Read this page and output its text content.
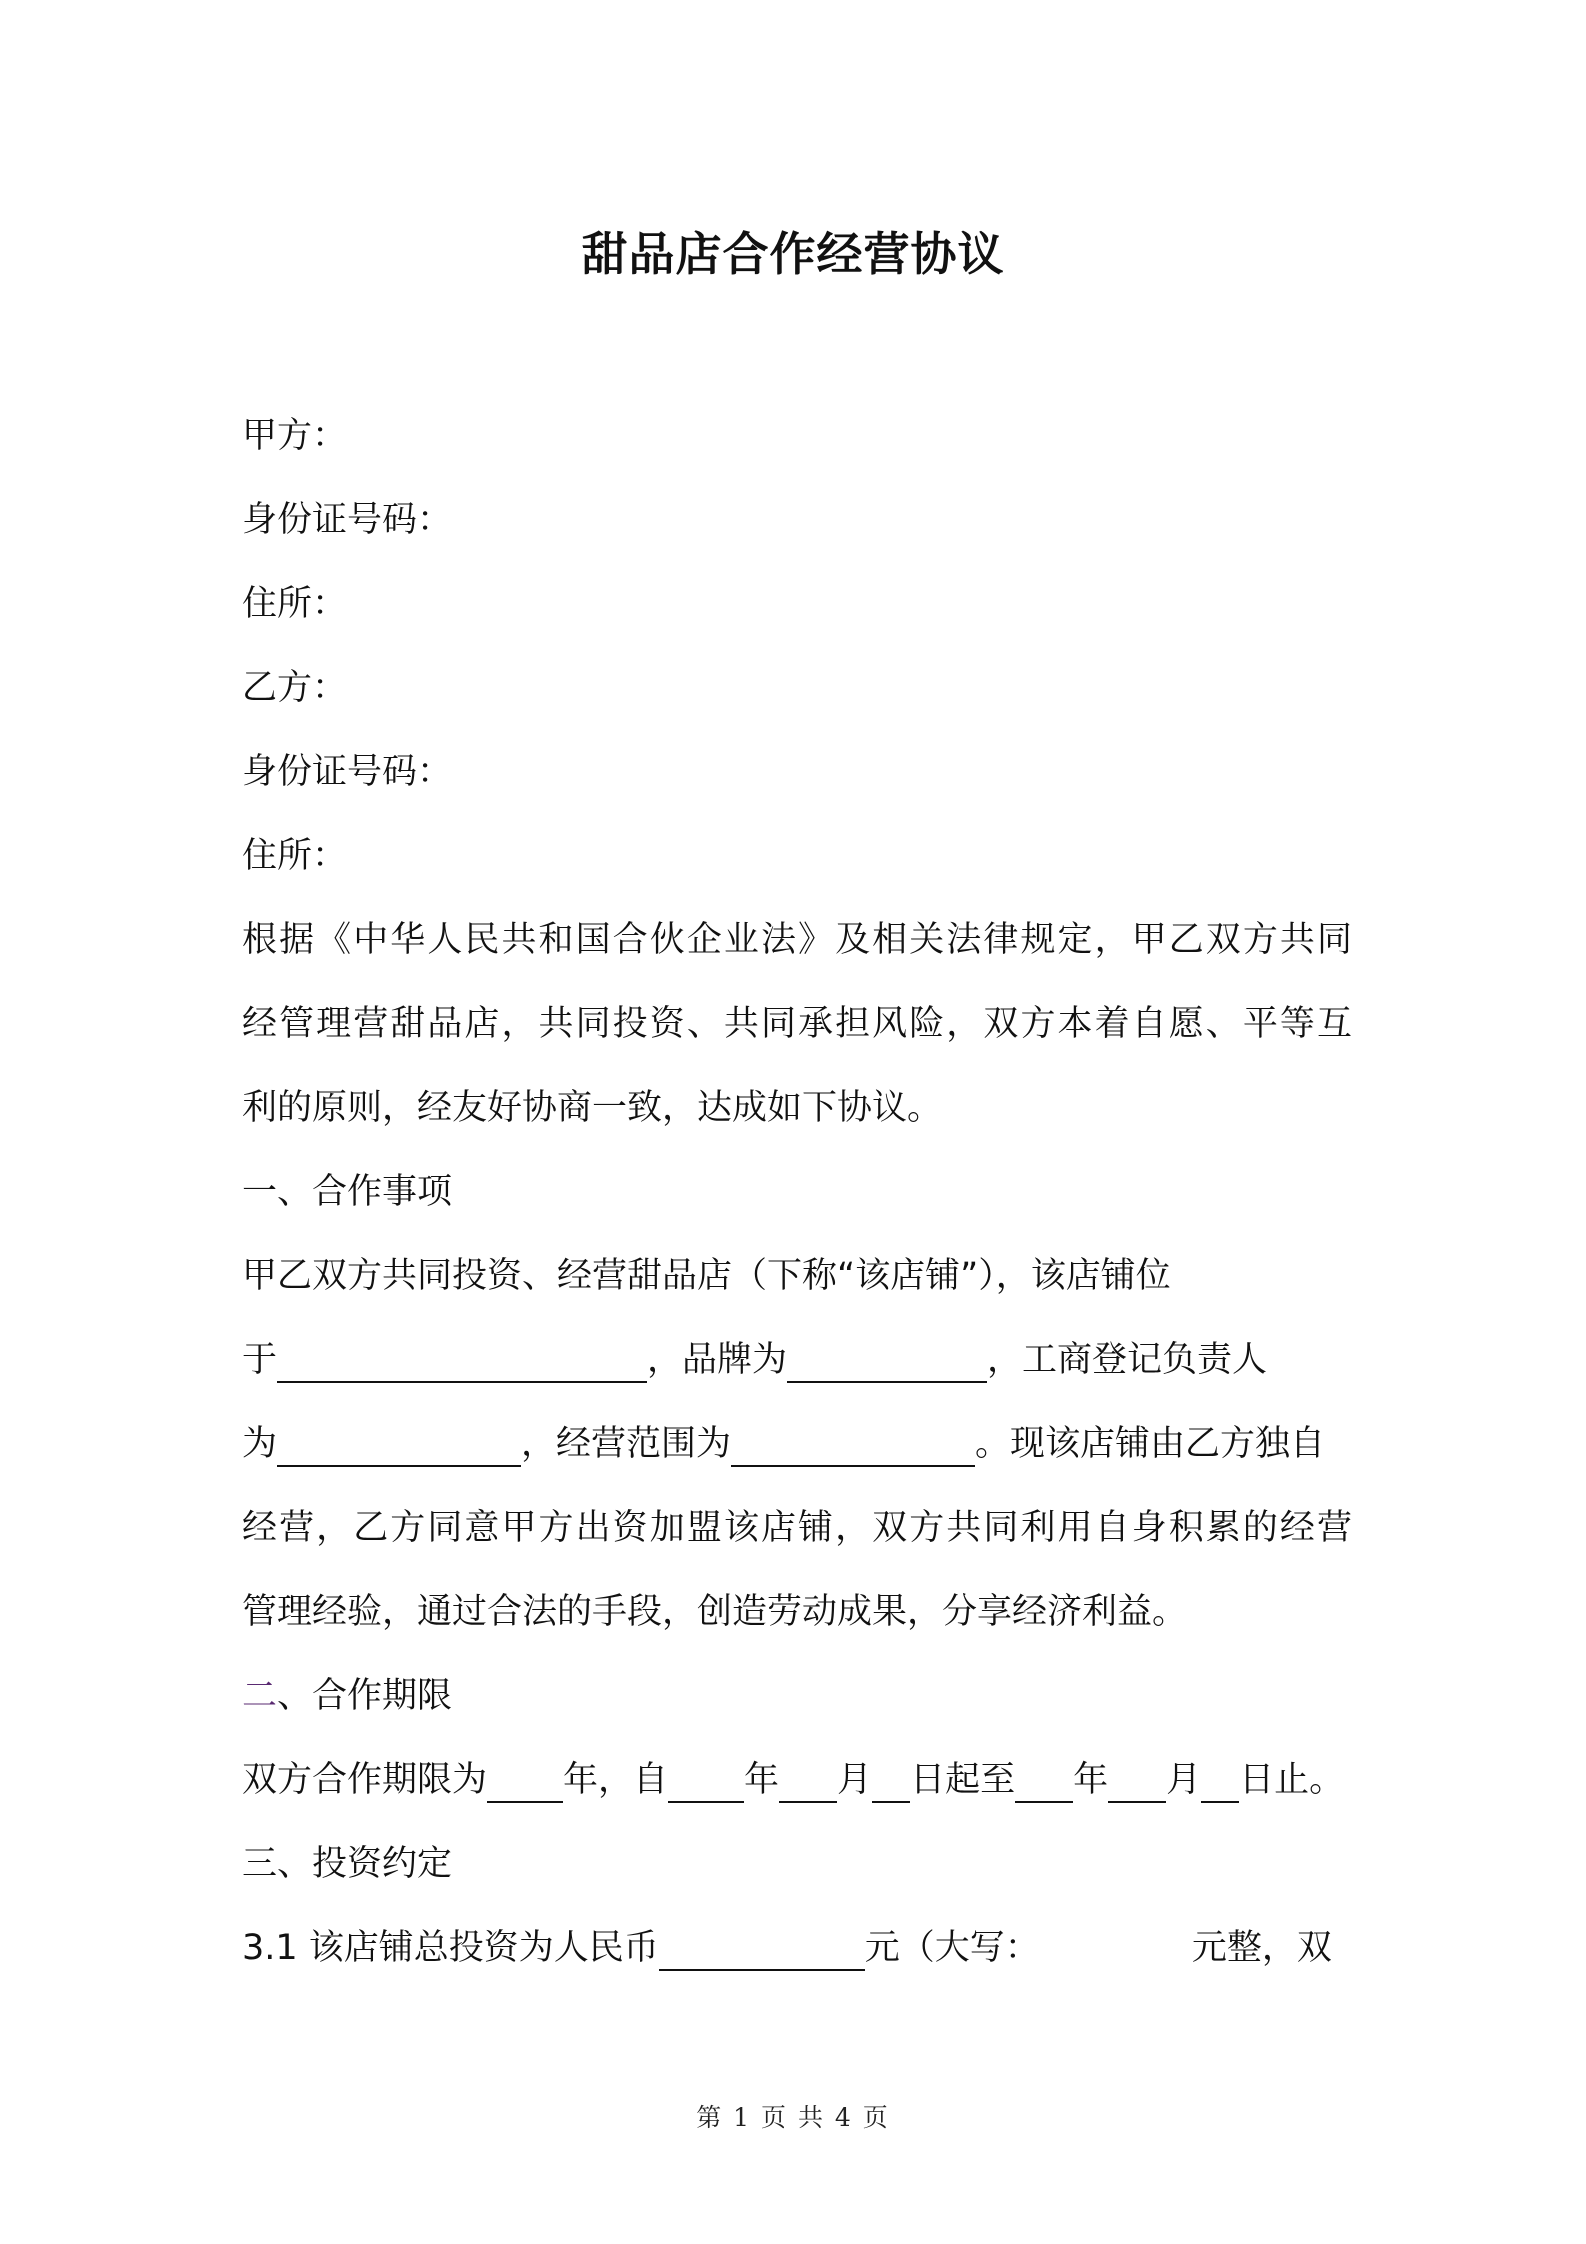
甜品店合作经营协议
甲方：
身份证号码：
住所：
乙方：
身份证号码：
住所：
根据《中华人民共和国合伙企业法》及相关法律规定，甲乙双方共同
经管理营甜品店，共同投资、共同承担风险，双方本着自愿、平等互
利的原则，经友好协商一致，达成如下协议。
一、合作事项
甲乙双方共同投资、经营甜品店（下称“该店铺”），该店铺位
于	，品牌为	，工商登记负责人
为	，经营范围为	。现该店铺由乙方独自
经营，乙方同意甲方出资加盟该店铺，双方共同利用自身积累的经营
管理经验，通过合法的手段，创造劳动成果，分享经济利益。
二、合作期限
双方合作期限为 年，自 年 月 日起至 年 月 日止。
三、投资约定
3.1 该店铺总投资为人民币	元（大写：	元整，双
第 1 页 共 4 页
